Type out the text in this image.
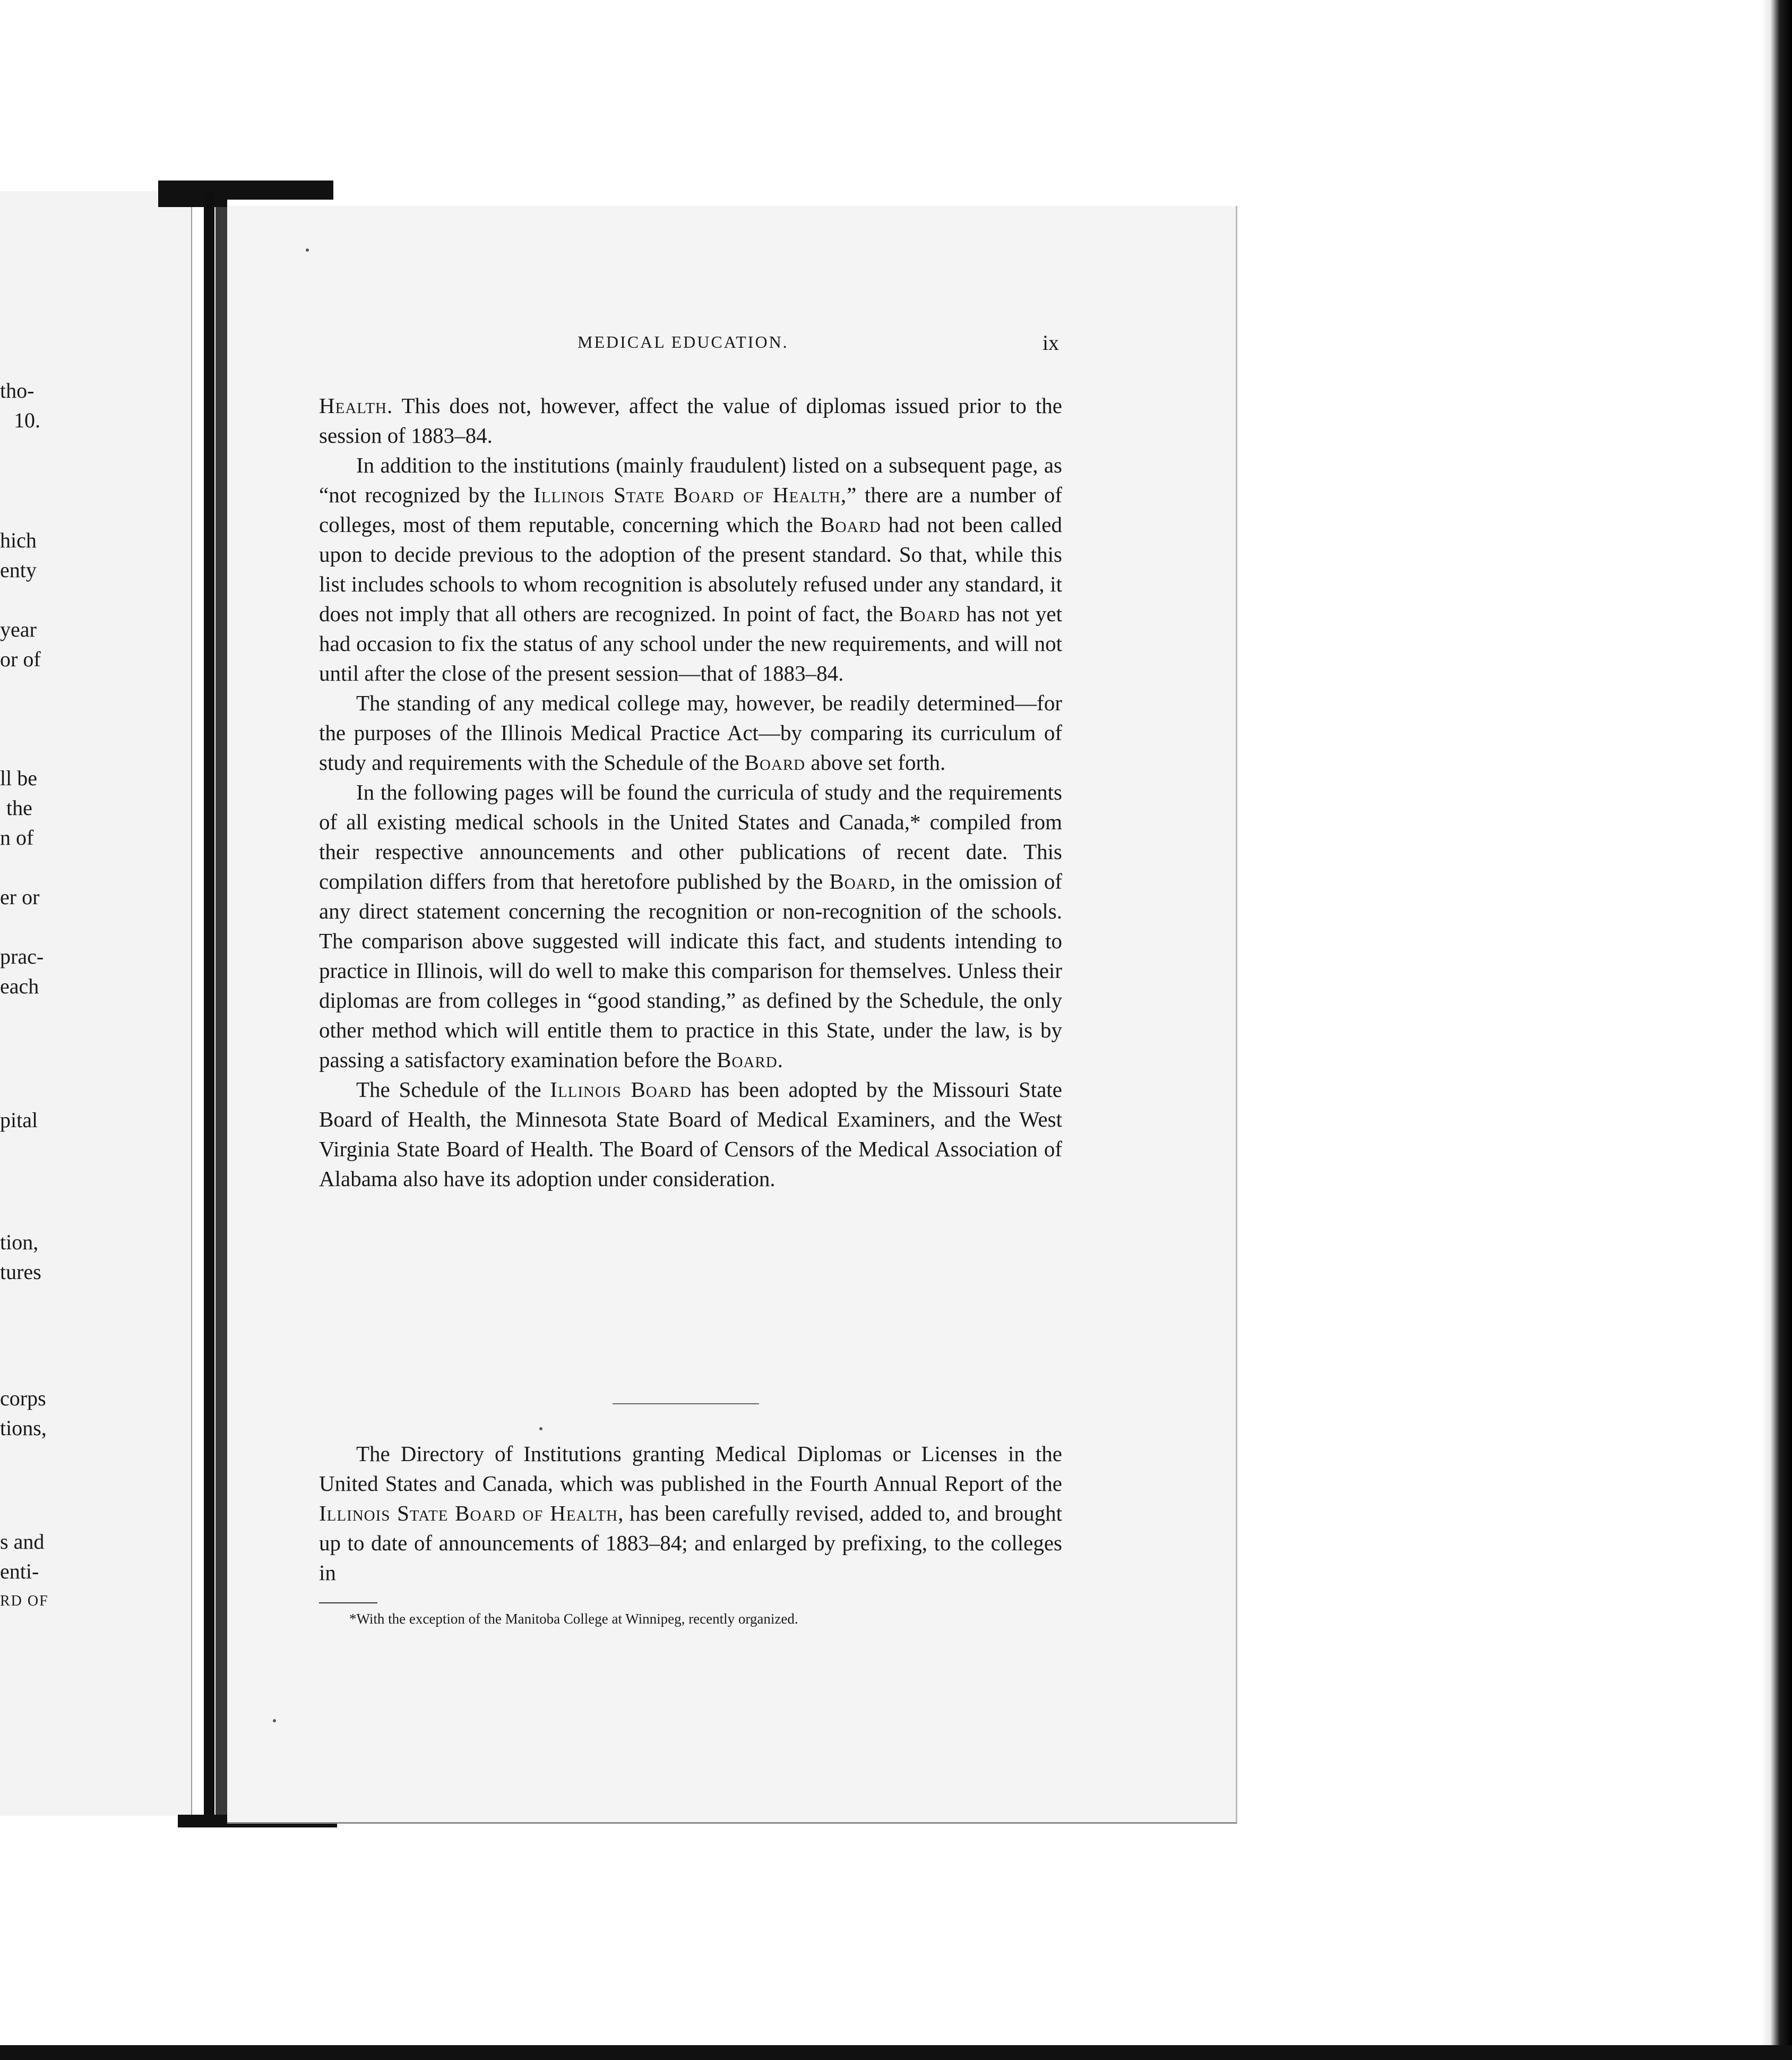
tho-
10.
hich
enty
year
or of
ll be
the
n of
er or
prac-
each
pital
tion,
tures
corps
tions,
s and
enti-
RD OF
MEDICAL EDUCATION.	ix

Health. This does not, however, affect the value of diplomas issued prior to the session of 1883–84.

In addition to the institutions (mainly fraudulent) listed on a subsequent page, as “not recognized by the Illinois State Board of Health,” there are a number of colleges, most of them reputable, concerning which the Board had not been called upon to decide previous to the adoption of the present standard. So that, while this list includes schools to whom recognition is absolutely refused under any standard, it does not imply that all others are recognized. In point of fact, the Board has not yet had occasion to fix the status of any school under the new requirements, and will not until after the close of the present session—that of 1883–84.

The standing of any medical college may, however, be readily determined—for the purposes of the Illinois Medical Practice Act—by comparing its curriculum of study and requirements with the Schedule of the Board above set forth.

In the following pages will be found the curricula of study and the requirements of all existing medical schools in the United States and Canada,* compiled from their respective announcements and other publications of recent date. This compilation differs from that heretofore published by the Board, in the omission of any direct statement concerning the recognition or non-recognition of the schools. The comparison above suggested will indicate this fact, and students intending to practice in Illinois, will do well to make this comparison for themselves. Unless their diplomas are from colleges in “good standing,” as defined by the Schedule, the only other method which will entitle them to practice in this State, under the law, is by passing a satisfactory examination before the Board.

The Schedule of the Illinois Board has been adopted by the Missouri State Board of Health, the Minnesota State Board of Medical Examiners, and the West Virginia State Board of Health. The Board of Censors of the Medical Association of Alabama also have its adoption under consideration.

The Directory of Institutions granting Medical Diplomas or Licenses in the United States and Canada, which was published in the Fourth Annual Report of the Illinois State Board of Health, has been carefully revised, added to, and brought up to date of announcements of 1883–84; and enlarged by prefixing, to the colleges in

*With the exception of the Manitoba College at Winnipeg, recently organized.
